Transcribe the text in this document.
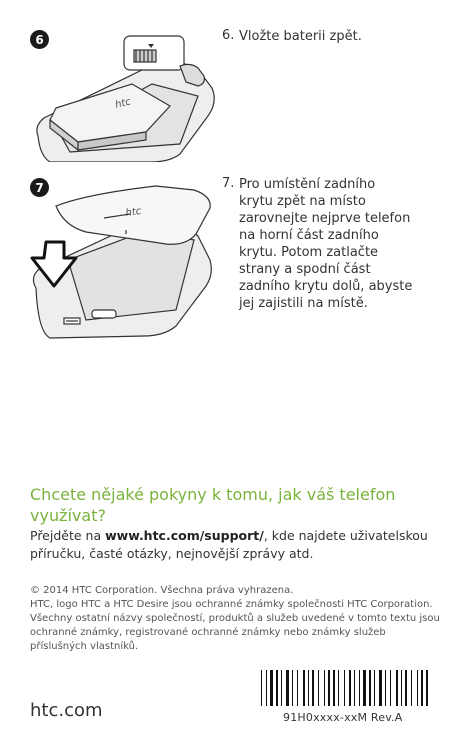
6
htc
6. Vložte baterii zpět.
7
htc
7. Pro umístění zadního
krytu zpět na místo
zarovnejte nejprve telefon
na horní část zadního
krytu. Potom zatlačte
strany a spodní část
zadního krytu dolů, abyste
jej zajistili na místě.
Chcete nějaké pokyny k tomu, jak váš telefon využívat?
Přejděte na www.htc.com/support/, kde najdete uživatelskou příručku, časté otázky, nejnovější zprávy atd.
© 2014 HTC Corporation. Všechna práva vyhrazena.
HTC, logo HTC a HTC Desire jsou ochranné známky společnosti HTC Corporation. Všechny ostatní názvy společností, produktů a služeb uvedené v tomto textu jsou ochranné známky, registrované ochranné známky nebo známky služeb příslušných vlastníků.
htc.com	91H0xxxx-xxM Rev.A
